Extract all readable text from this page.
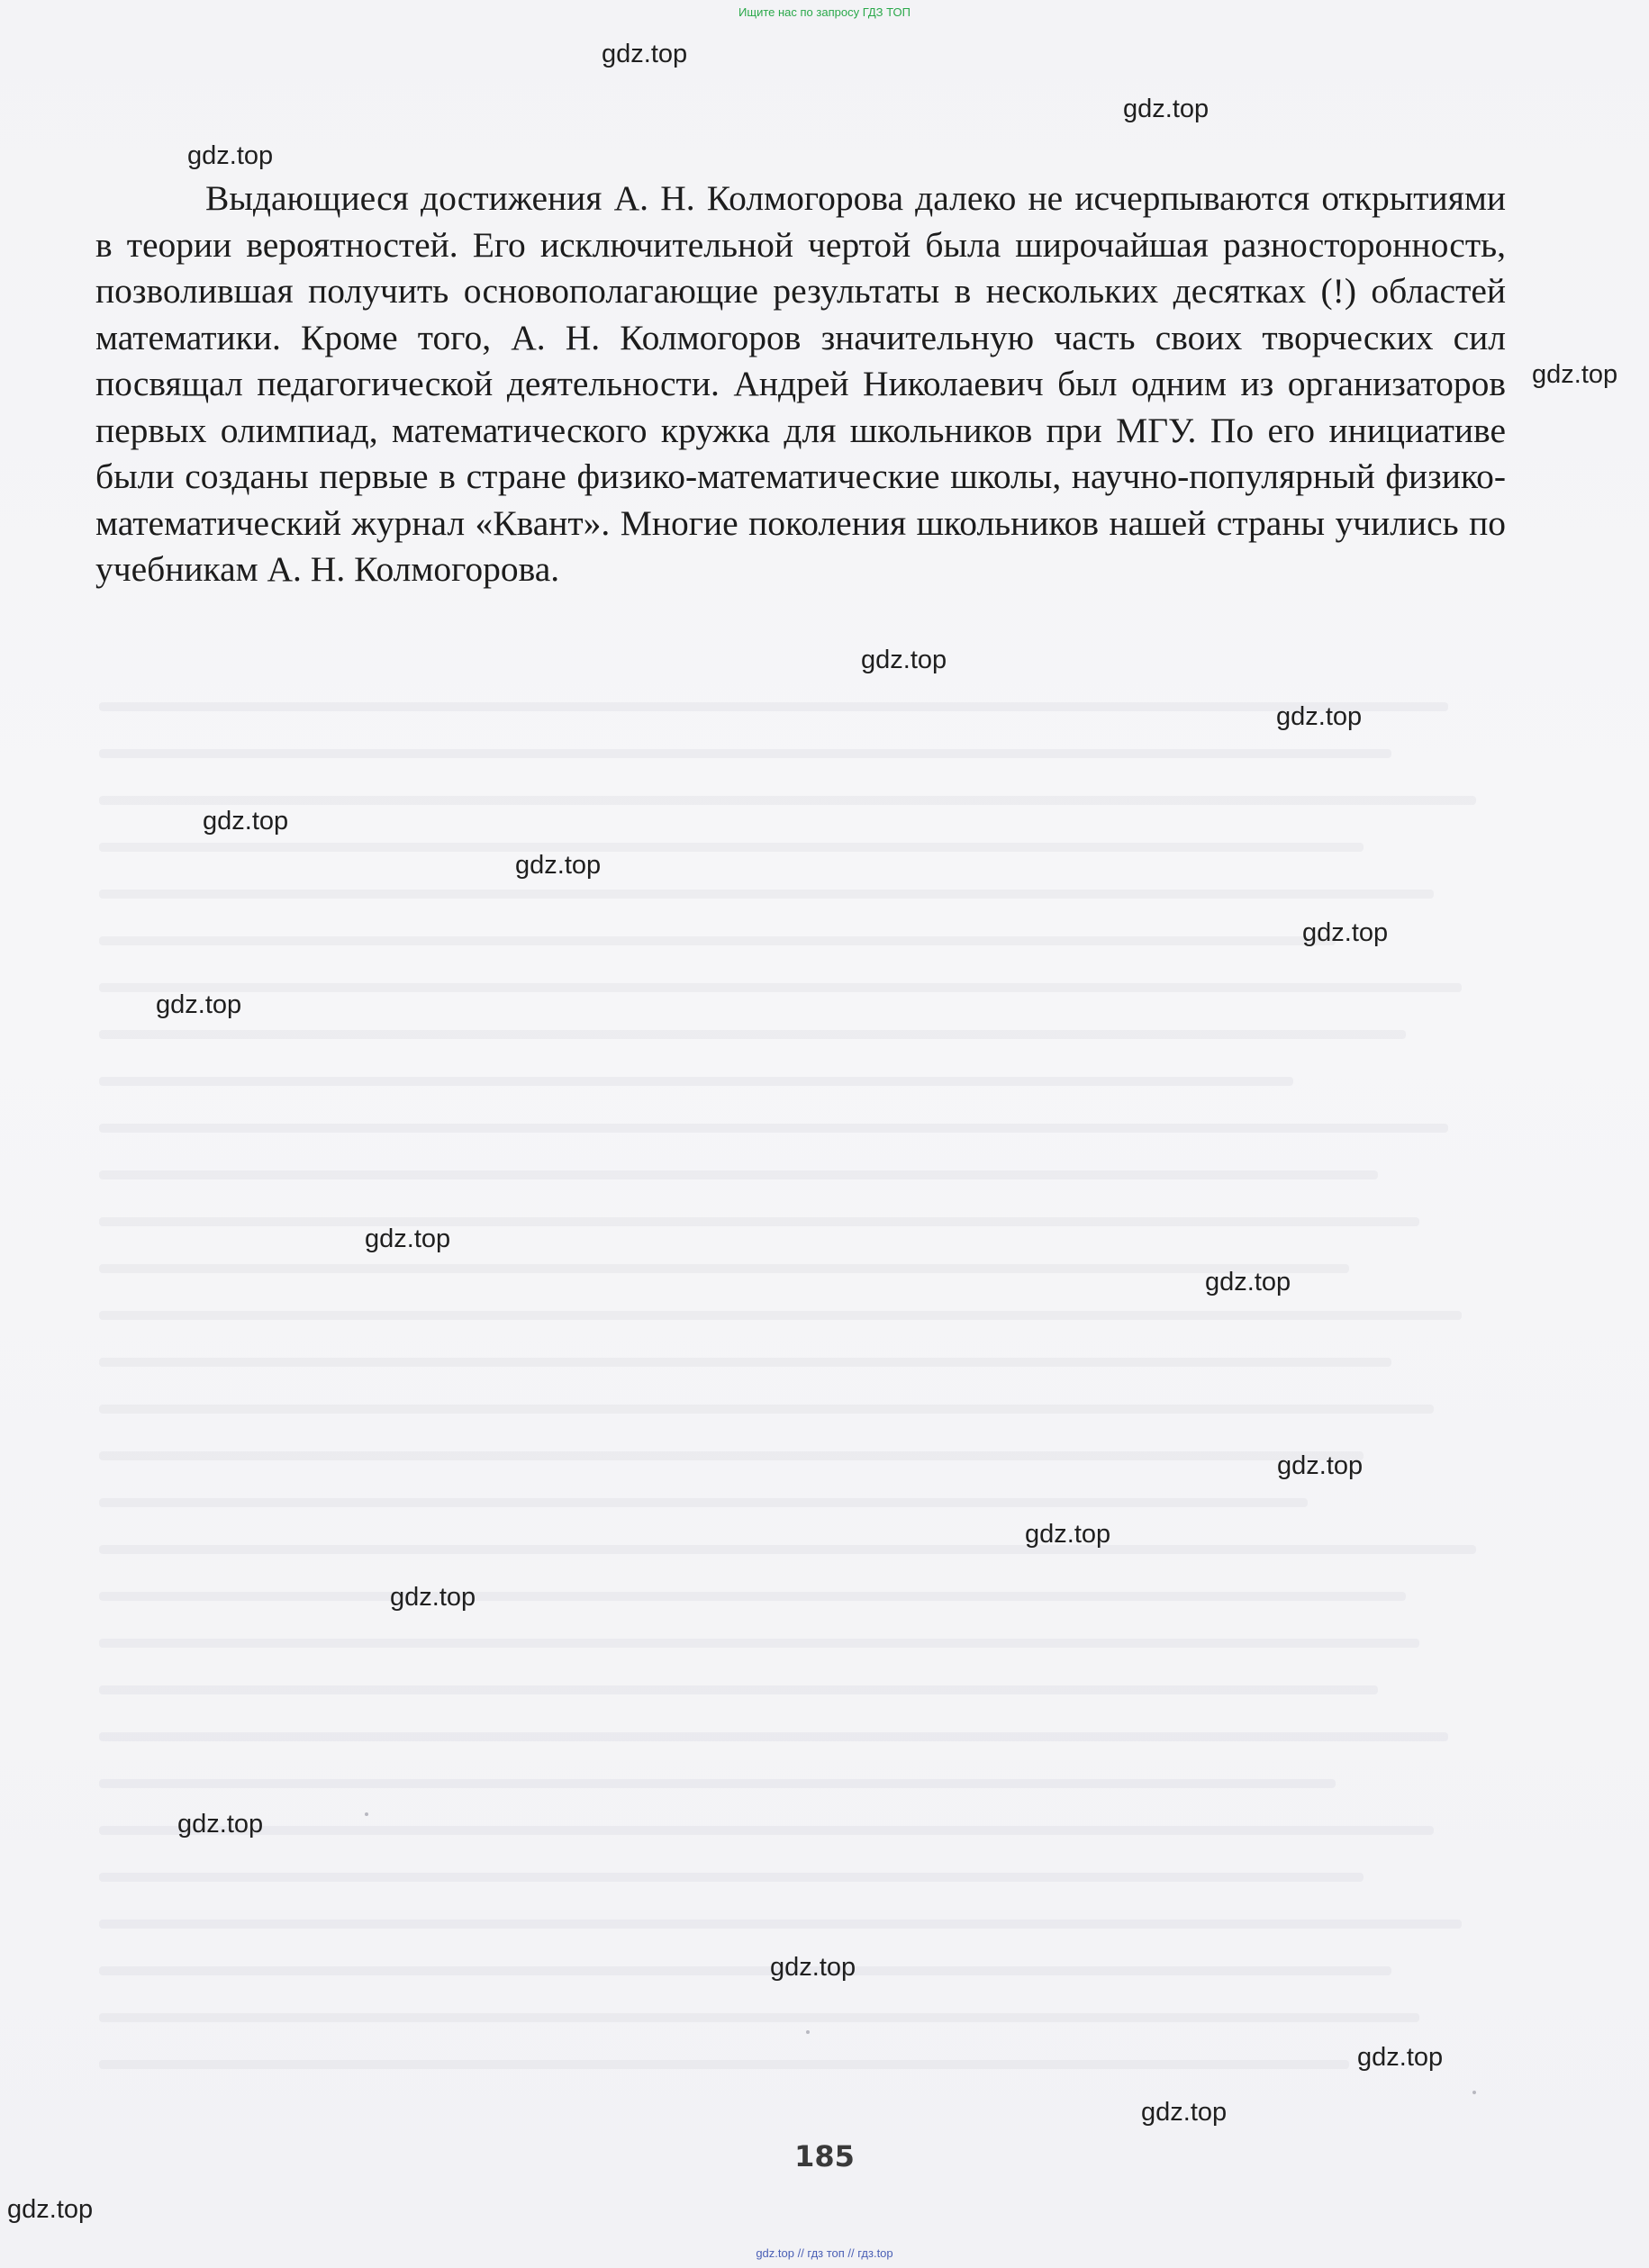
Ищите нас по запросу ГДЗ ТОП

Выдающиеся достижения А. Н. Колмогорова далеко не исчерпываются открытиями в теории вероятностей. Его исключительной чертой была широчайшая разносторонность, позволившая получить основополагающие результаты в нескольких десятках (!) областей математики. Кроме того, А. Н. Колмогоров значительную часть своих творческих сил посвящал педагогической деятельности. Андрей Николаевич был одним из организаторов первых олимпиад, математического кружка для школьников при МГУ. По его инициативе были созданы первые в стране физико-математические школы, научно-популярный физико-математический журнал «Квант». Многие поколения школьников нашей страны учились по учебникам А. Н. Колмогорова.

gdz.top
gdz.top
gdz.top
gdz.top
gdz.top
gdz.top
gdz.top
gdz.top
gdz.top
gdz.top
gdz.top
gdz.top
gdz.top
gdz.top
gdz.top
gdz.top
gdz.top
gdz.top
gdz.top
gdz.top
185
gdz.top // гдз топ // гдз.top
